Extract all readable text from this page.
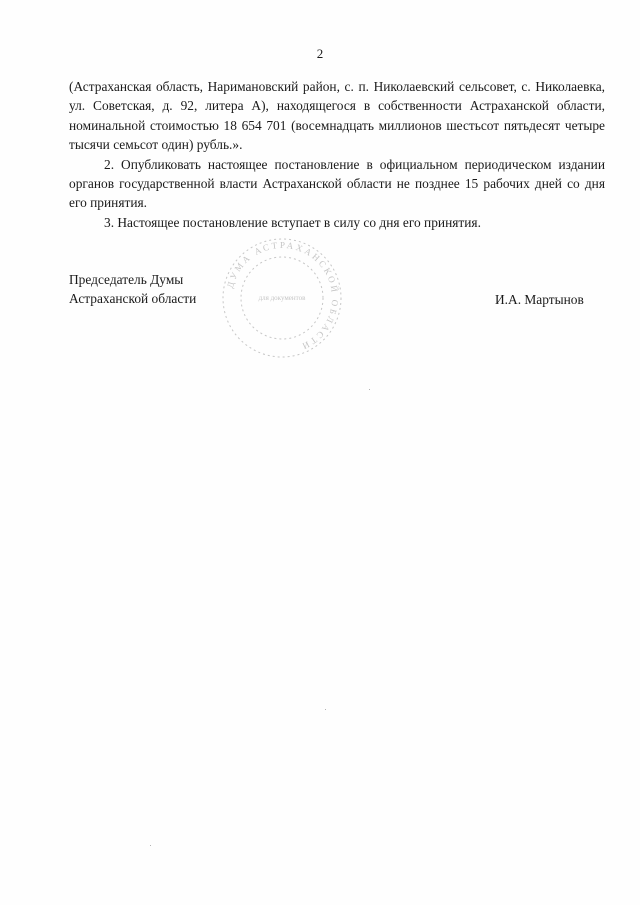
2

(Астраханская область, Наримановский район, с. п. Николаевский сельсовет, с. Николаевка, ул. Советская, д. 92, литера А), находящегося в собственности Астраханской области, номинальной стоимостью 18 654 701 (восемнадцать миллионов шестьсот пятьдесят четыре тысячи семьсот один) рубль.».

2. Опубликовать настоящее постановление в официальном периодическом издании органов государственной власти Астраханской области не позднее 15 рабочих дней со дня его принятия.

3. Настоящее постановление вступает в силу со дня его принятия.

Председатель Думы
Астраханской области
ДУМА АСТРАХАНСКОЙ ОБЛАСТИ
для документов	И.А. Мартынов
